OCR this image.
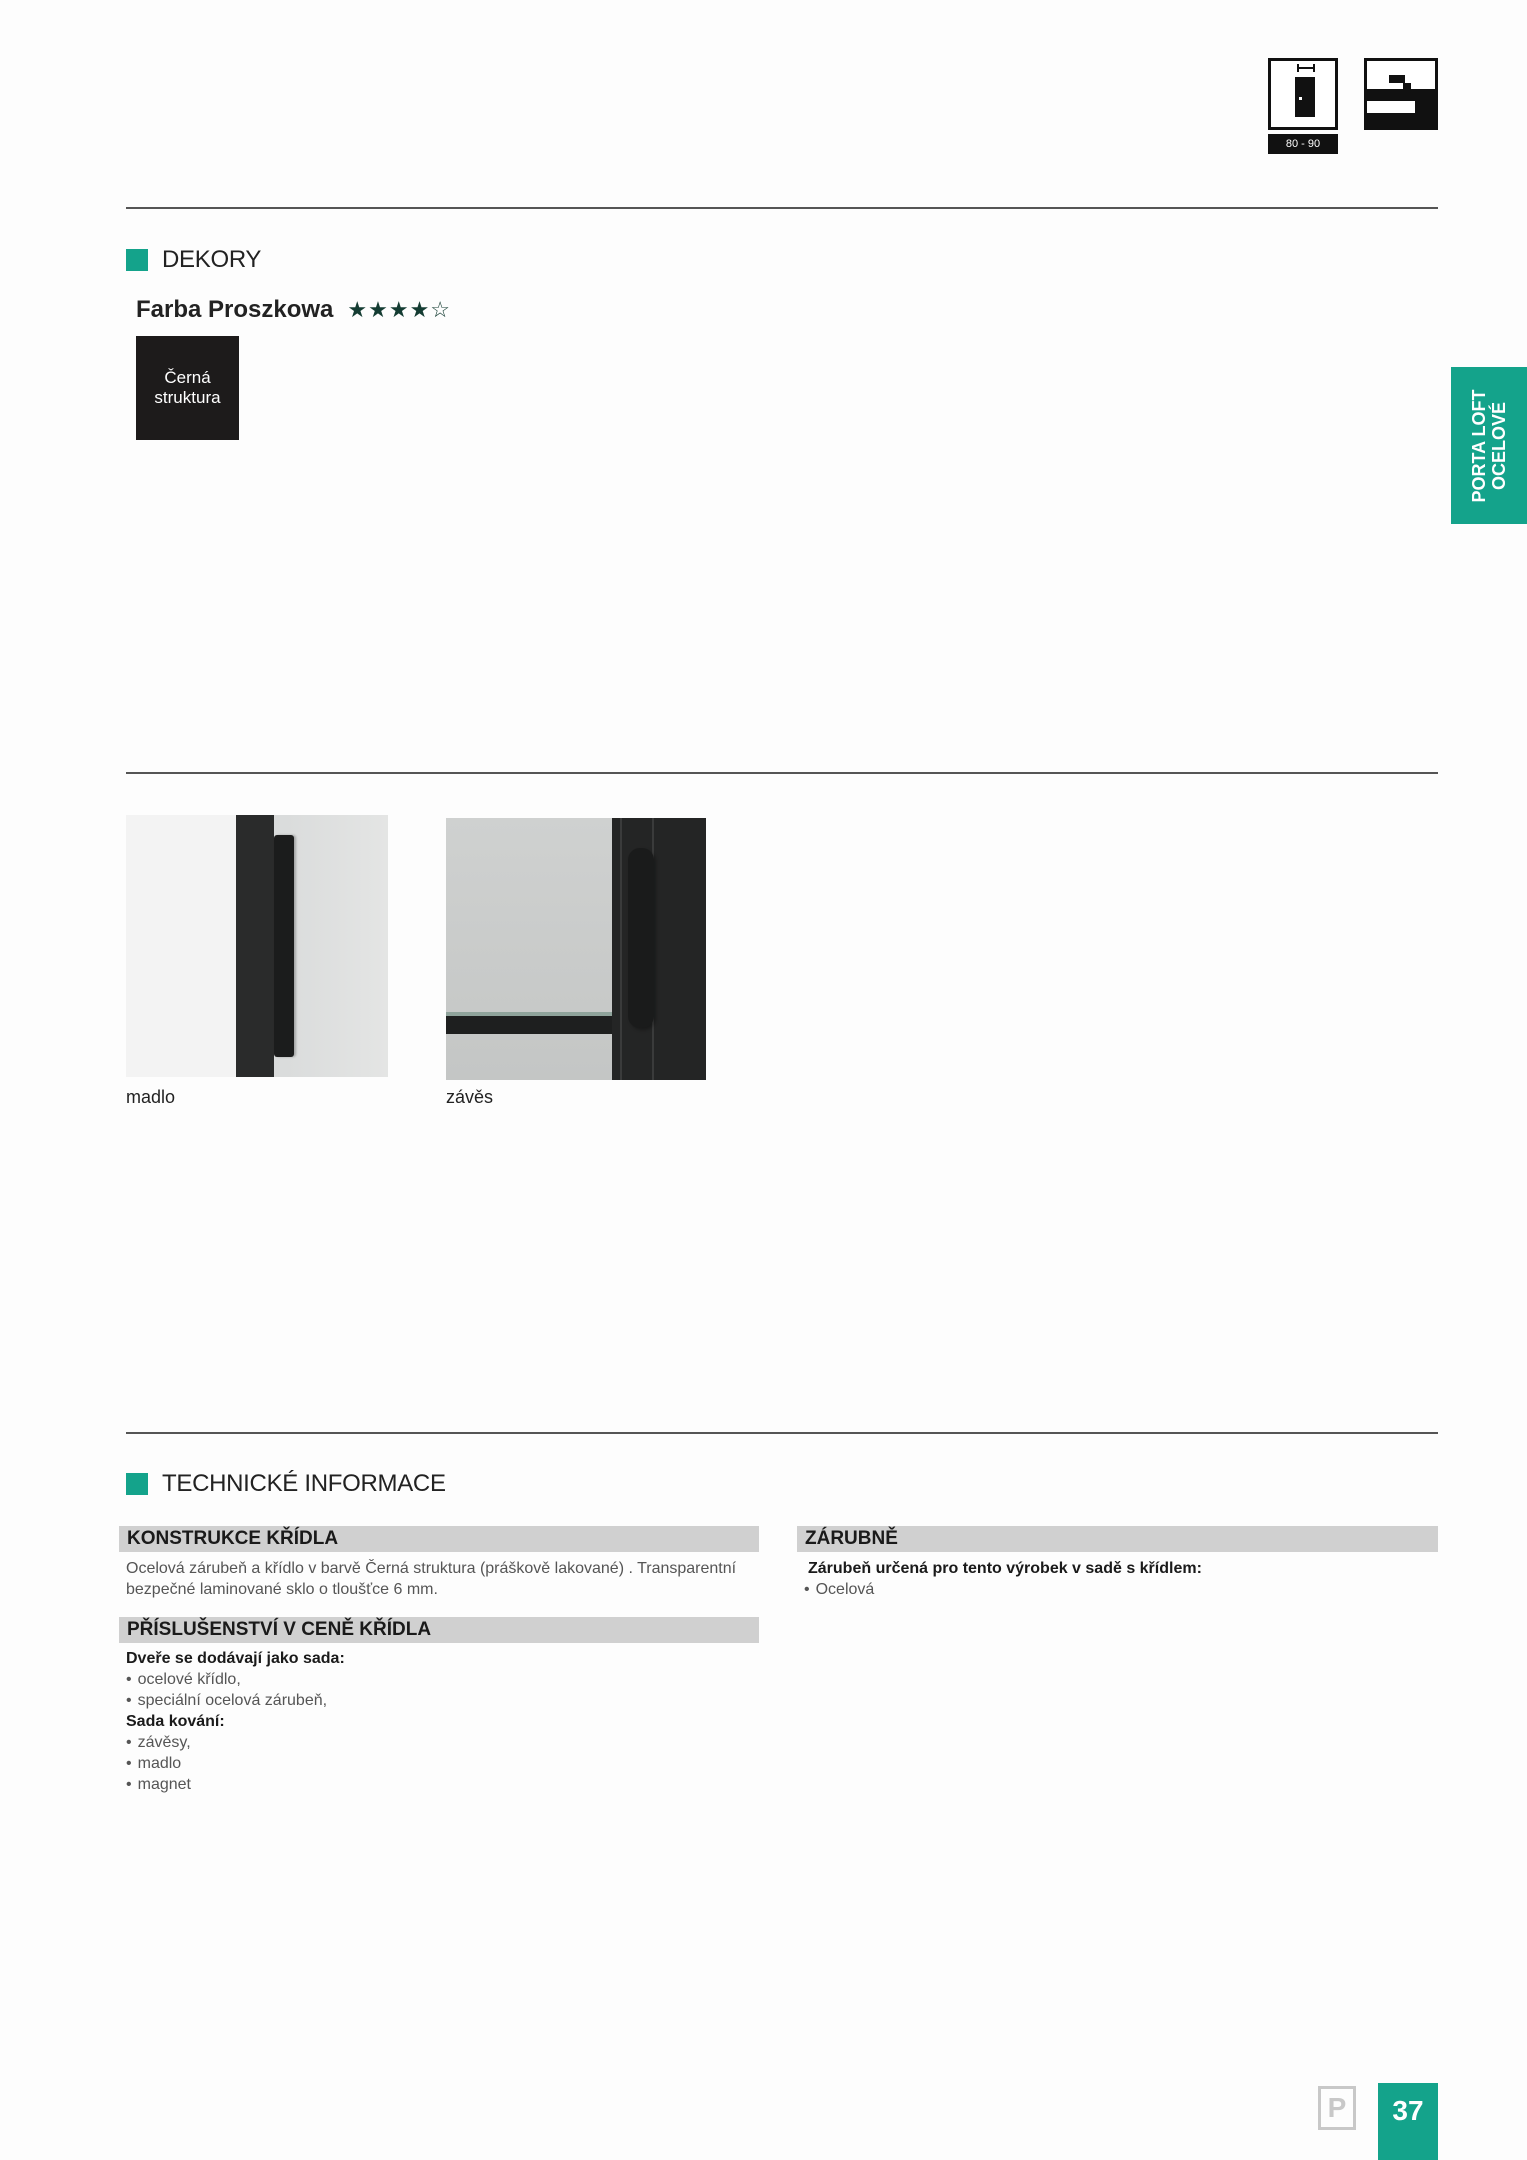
80 - 90
DEKORY
Farba Proszkowa ★★★★☆
Černá
struktura	PORTA LOFT OCELOVÉ
madlo	závěs
TECHNICKÉ INFORMACE
KONSTRUKCE KŘÍDLA
Ocelová zárubeň a křídlo v barvě Černá struktura (práškově lakované) . Transparentní
bezpečné laminované sklo o tloušťce 6 mm.
PŘÍSLUŠENSTVÍ V CENĚ KŘÍDLA
Dveře se dodávají jako sada:
• ocelové křídlo,
• speciální ocelová zárubeň,
Sada kování:
• závěsy,
• madlo
• magnet
ZÁRUBNĚ
Zárubeň určená pro tento výrobek v sadě s křídlem:
• Ocelová
P	37
